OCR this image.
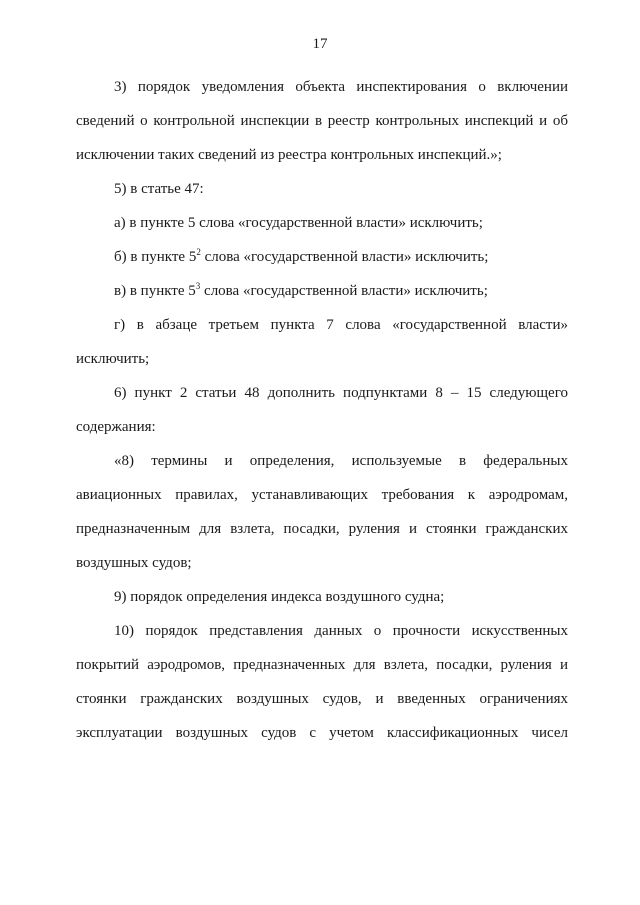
17
3) порядок уведомления объекта инспектирования о включении
сведений о контрольной инспекции в реестр контрольных инспекций и об
исключении таких сведений из реестра контрольных инспекций.»;
5) в статье 47:
а) в пункте 5 слова «государственной власти» исключить;
б) в пункте $5^2$ слова «государственной власти» исключить;
в) в пункте $5^3$ слова «государственной власти» исключить;
г) в абзаце третьем пункта 7 слова «государственной власти»
исключить;
6) пункт 2 статьи 48 дополнить подпунктами 8 – 15 следующего
содержания:
«8) термины и определения, используемые в федеральных
авиационных правилах, устанавливающих требования к аэродромам,
предназначенным для взлета, посадки, руления и стоянки гражданских
воздушных судов;
9) порядок определения индекса воздушного судна;
10) порядок представления данных о прочности искусственных
покрытий аэродромов, предназначенных для взлета, посадки, руления и
стоянки гражданских воздушных судов, и введенных ограничениях
эксплуатации воздушных судов с учетом классификационных чисел
